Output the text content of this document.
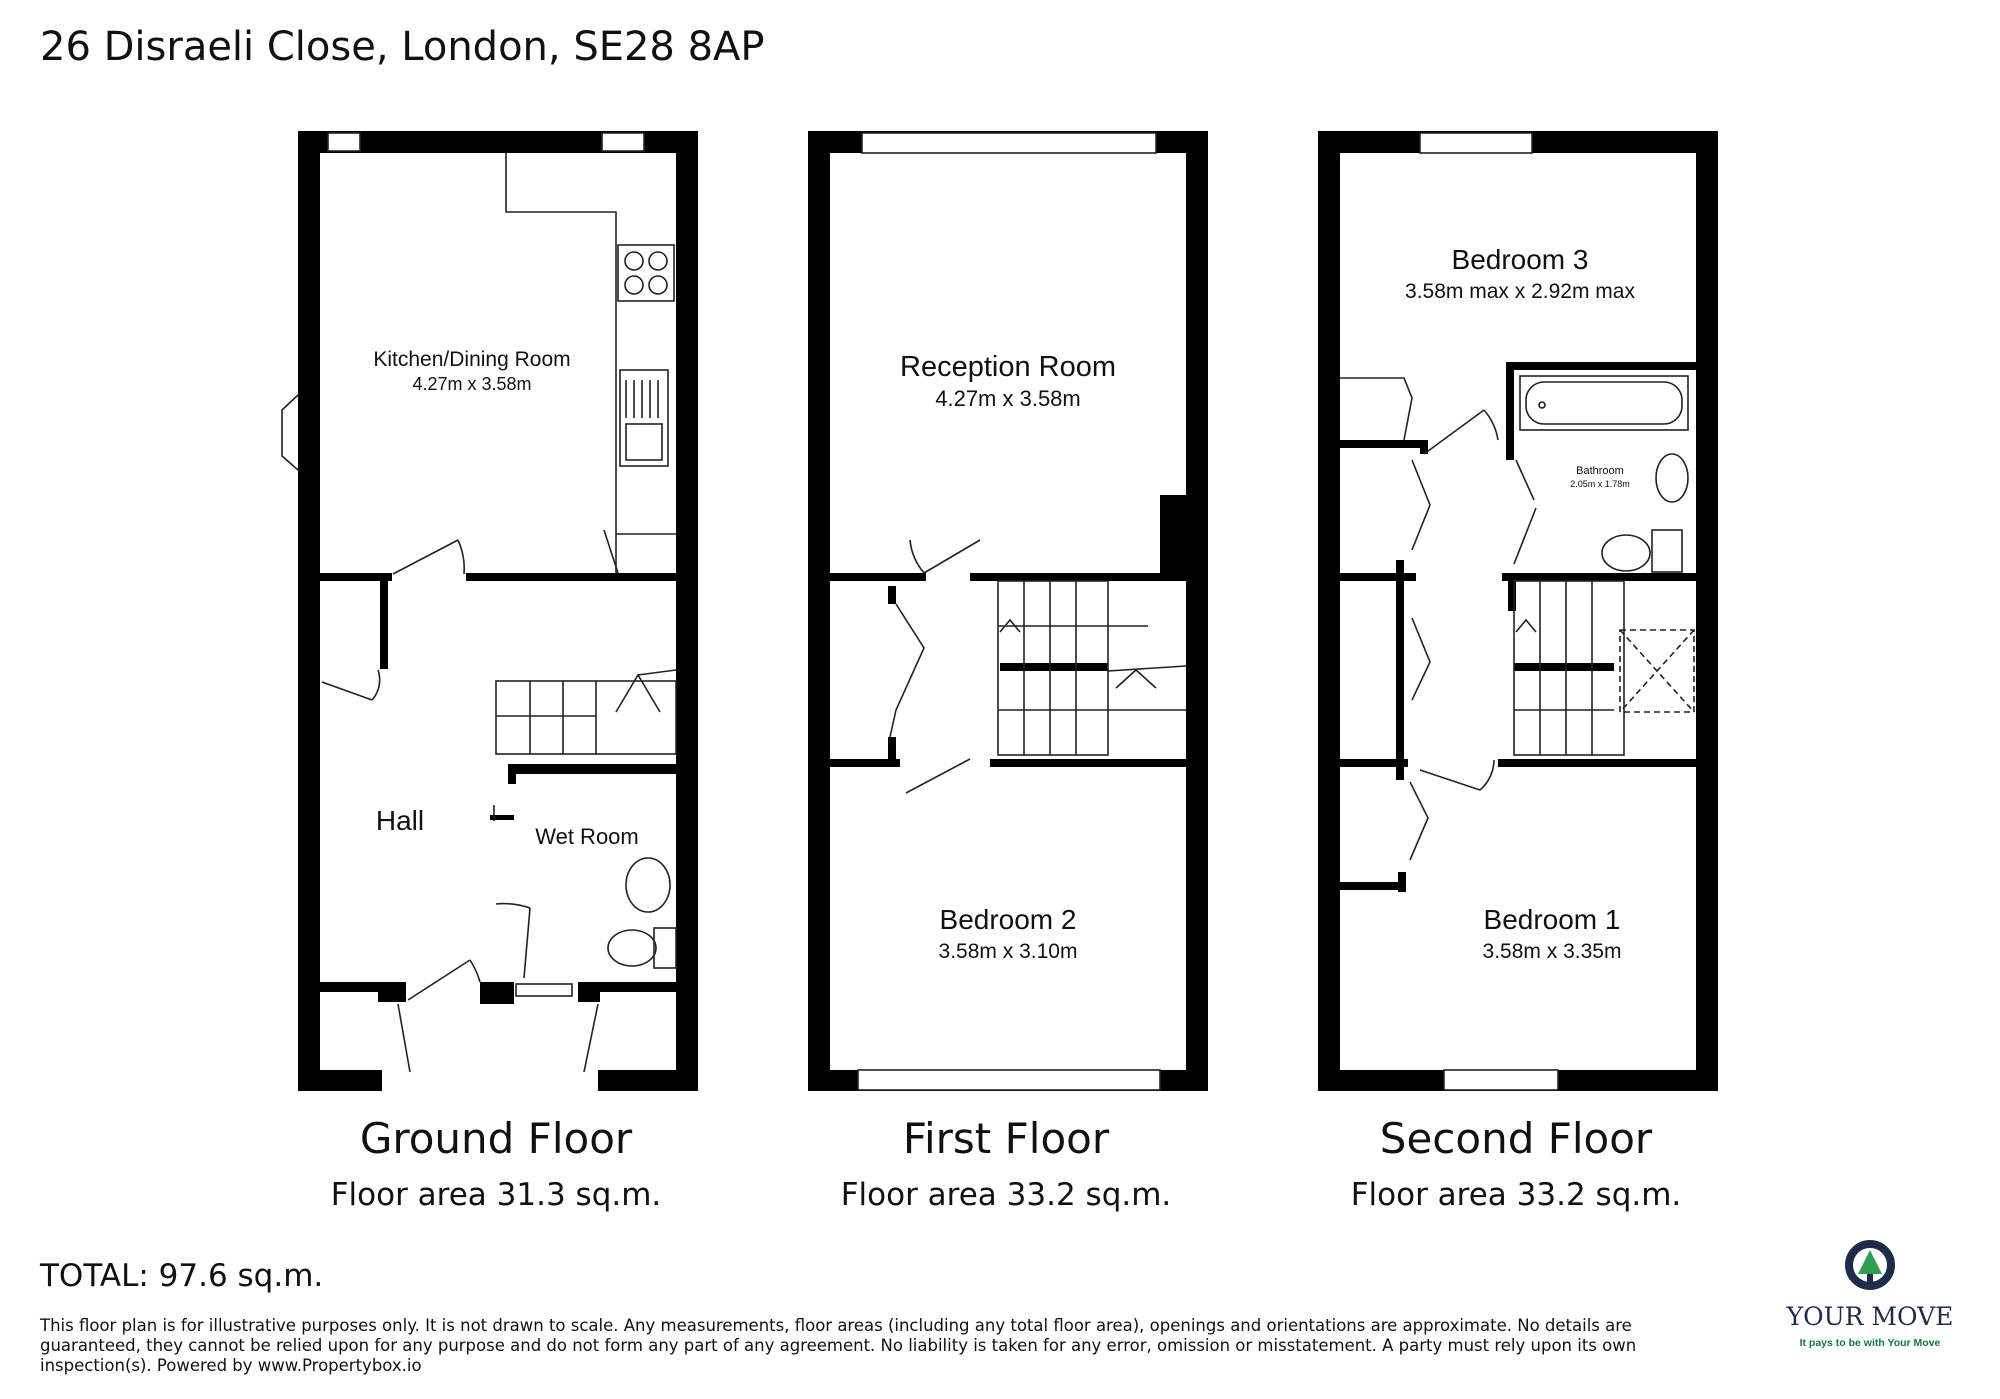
26 Disraeli Close, London, SE28 8AP
Kitchen/Dining Room
4.27m x 3.58m
Hall
Wet Room
Reception Room
4.27m x 3.58m
Bedroom 2
3.58m x 3.10m
Bedroom 3
3.58m max x 2.92m max
Bathroom
2.05m x 1.78m
Bedroom 1
3.58m x 3.35m
Ground Floor
Floor area 31.3 sq.m.
First Floor
Floor area 33.2 sq.m.
Second Floor
Floor area 33.2 sq.m.
TOTAL: 97.6 sq.m.
This floor plan is for illustrative purposes only. It is not drawn to scale. Any measurements, floor areas (including any total floor area), openings and orientations are approximate. No details are guaranteed, they cannot be relied upon for any purpose and do not form any part of any agreement. No liability is taken for any error, omission or misstatement. A party must rely upon its own inspection(s). Powered by www.Propertybox.io
YOUR MOVE
It pays to be with Your Move
